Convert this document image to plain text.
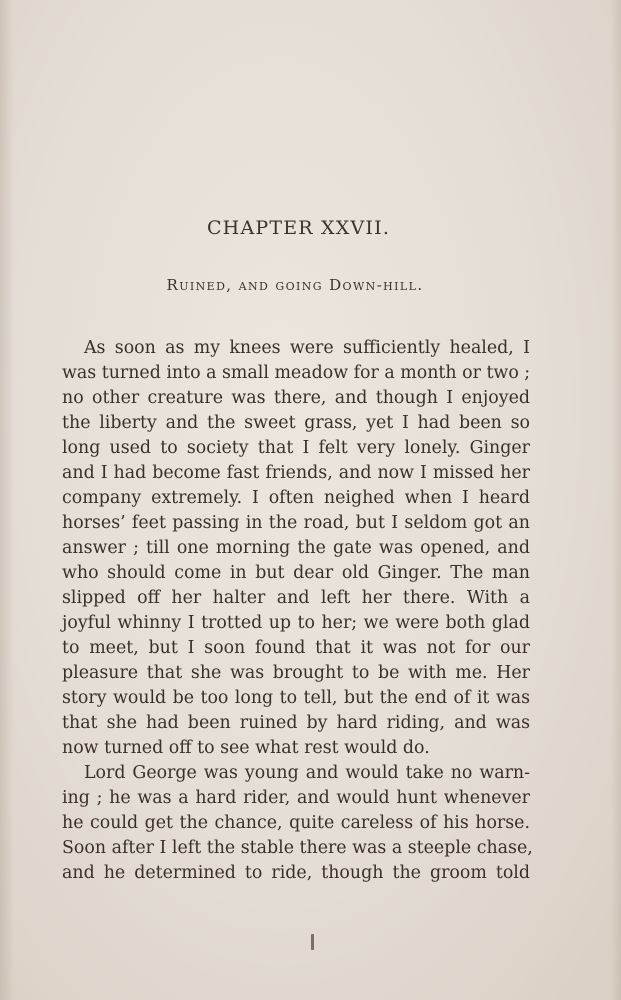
CHAPTER XXVII.
Ruined, and going Down-hill.
As soon as my knees were sufficiently healed, I
was turned into a small meadow for a month or two ;
no other creature was there, and though I enjoyed
the liberty and the sweet grass, yet I had been so
long used to society that I felt very lonely. Ginger
and I had become fast friends, and now I missed her
company extremely. I often neighed when I heard
horses’ feet passing in the road, but I seldom got an
answer ; till one morning the gate was opened, and
who should come in but dear old Ginger. The man
slipped off her halter and left her there. With a
joyful whinny I trotted up to her; we were both glad
to meet, but I soon found that it was not for our
pleasure that she was brought to be with me. Her
story would be too long to tell, but the end of it was
that she had been ruined by hard riding, and was
now turned off to see what rest would do.
Lord George was young and would take no warn-
ing ; he was a hard rider, and would hunt whenever
he could get the chance, quite careless of his horse.
Soon after I left the stable there was a steeple chase,
and he determined to ride, though the groom told
